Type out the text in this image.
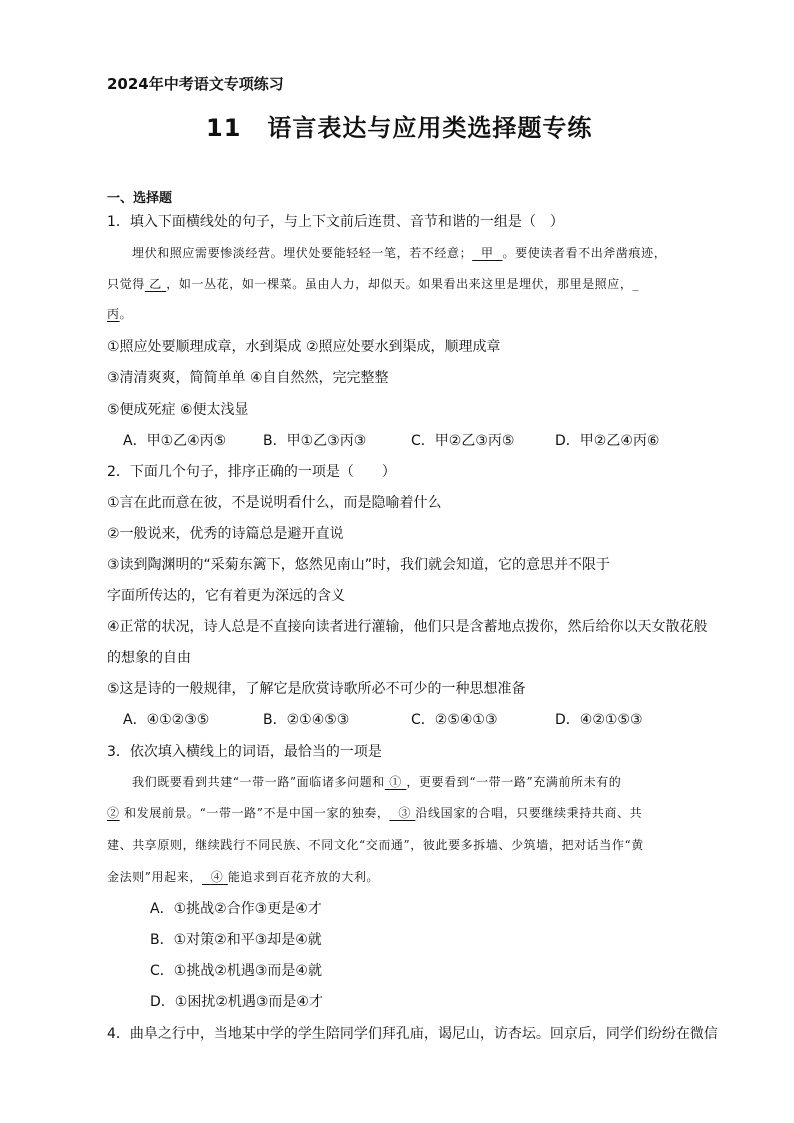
2024年中考语文专项练习
11 语言表达与应用类选择题专练
一、选择题
1．填入下面横线处的句子，与上下文前后连贯、音节和谐的一组是（　）
埋伏和照应需要惨淡经营。埋伏处要能轻轻一笔，若不经意； 甲 。要使读者看不出斧凿痕迹，
只觉得 乙 ，如一丛花，如一棵菜。虽由人力，却似天。如果看出来这里是埋伏，那里是照应，_
丙。
①照应处要顺理成章，水到渠成 ②照应处要水到渠成，顺理成章
③清清爽爽，简简单单 ④自自然然，完完整整
⑤便成死症 ⑥便太浅显
A．甲①乙④丙⑤	B．甲①乙③丙③	C．甲②乙③丙⑤	D．甲②乙④丙⑥
2．下面几个句子，排序正确的一项是（　　）
①言在此而意在彼，不是说明看什么，而是隐喻着什么
②一般说来，优秀的诗篇总是避开直说
③读到陶渊明的“采菊东篱下，悠然见南山”时，我们就会知道，它的意思并不限于
字面所传达的，它有着更为深远的含义
④正常的状况，诗人总是不直接向读者进行灌输，他们只是含蓄地点拨你，然后给你以天女散花般
的想象的自由
⑤这是诗的一般规律，了解它是欣赏诗歌所必不可少的一种思想准备
A．④①②③⑤	B．②①④⑤③	C．②⑤④①③	D．④②①⑤③
3．依次填入横线上的词语，最恰当的一项是
我们既要看到共建“一带一路”面临诸多问题和 ① ，更要看到“一带一路”充满前所未有的
② 和发展前景。“一带一路”不是中国一家的独奏， ③ 沿线国家的合唱，只要继续秉持共商、共
建、共享原则，继续践行不同民族、不同文化“交而通”，彼此要多拆墙、少筑墙，把对话当作“黄
金法则”用起来， ④ 能追求到百花齐放的大利。
A．①挑战②合作③更是④才
B．①对策②和平③却是④就
C．①挑战②机遇③而是④就
D．①困扰②机遇③而是④才
4．曲阜之行中，当地某中学的学生陪同学们拜孔庙，谒尼山，访杏坛。回京后，同学们纷纷在微信
